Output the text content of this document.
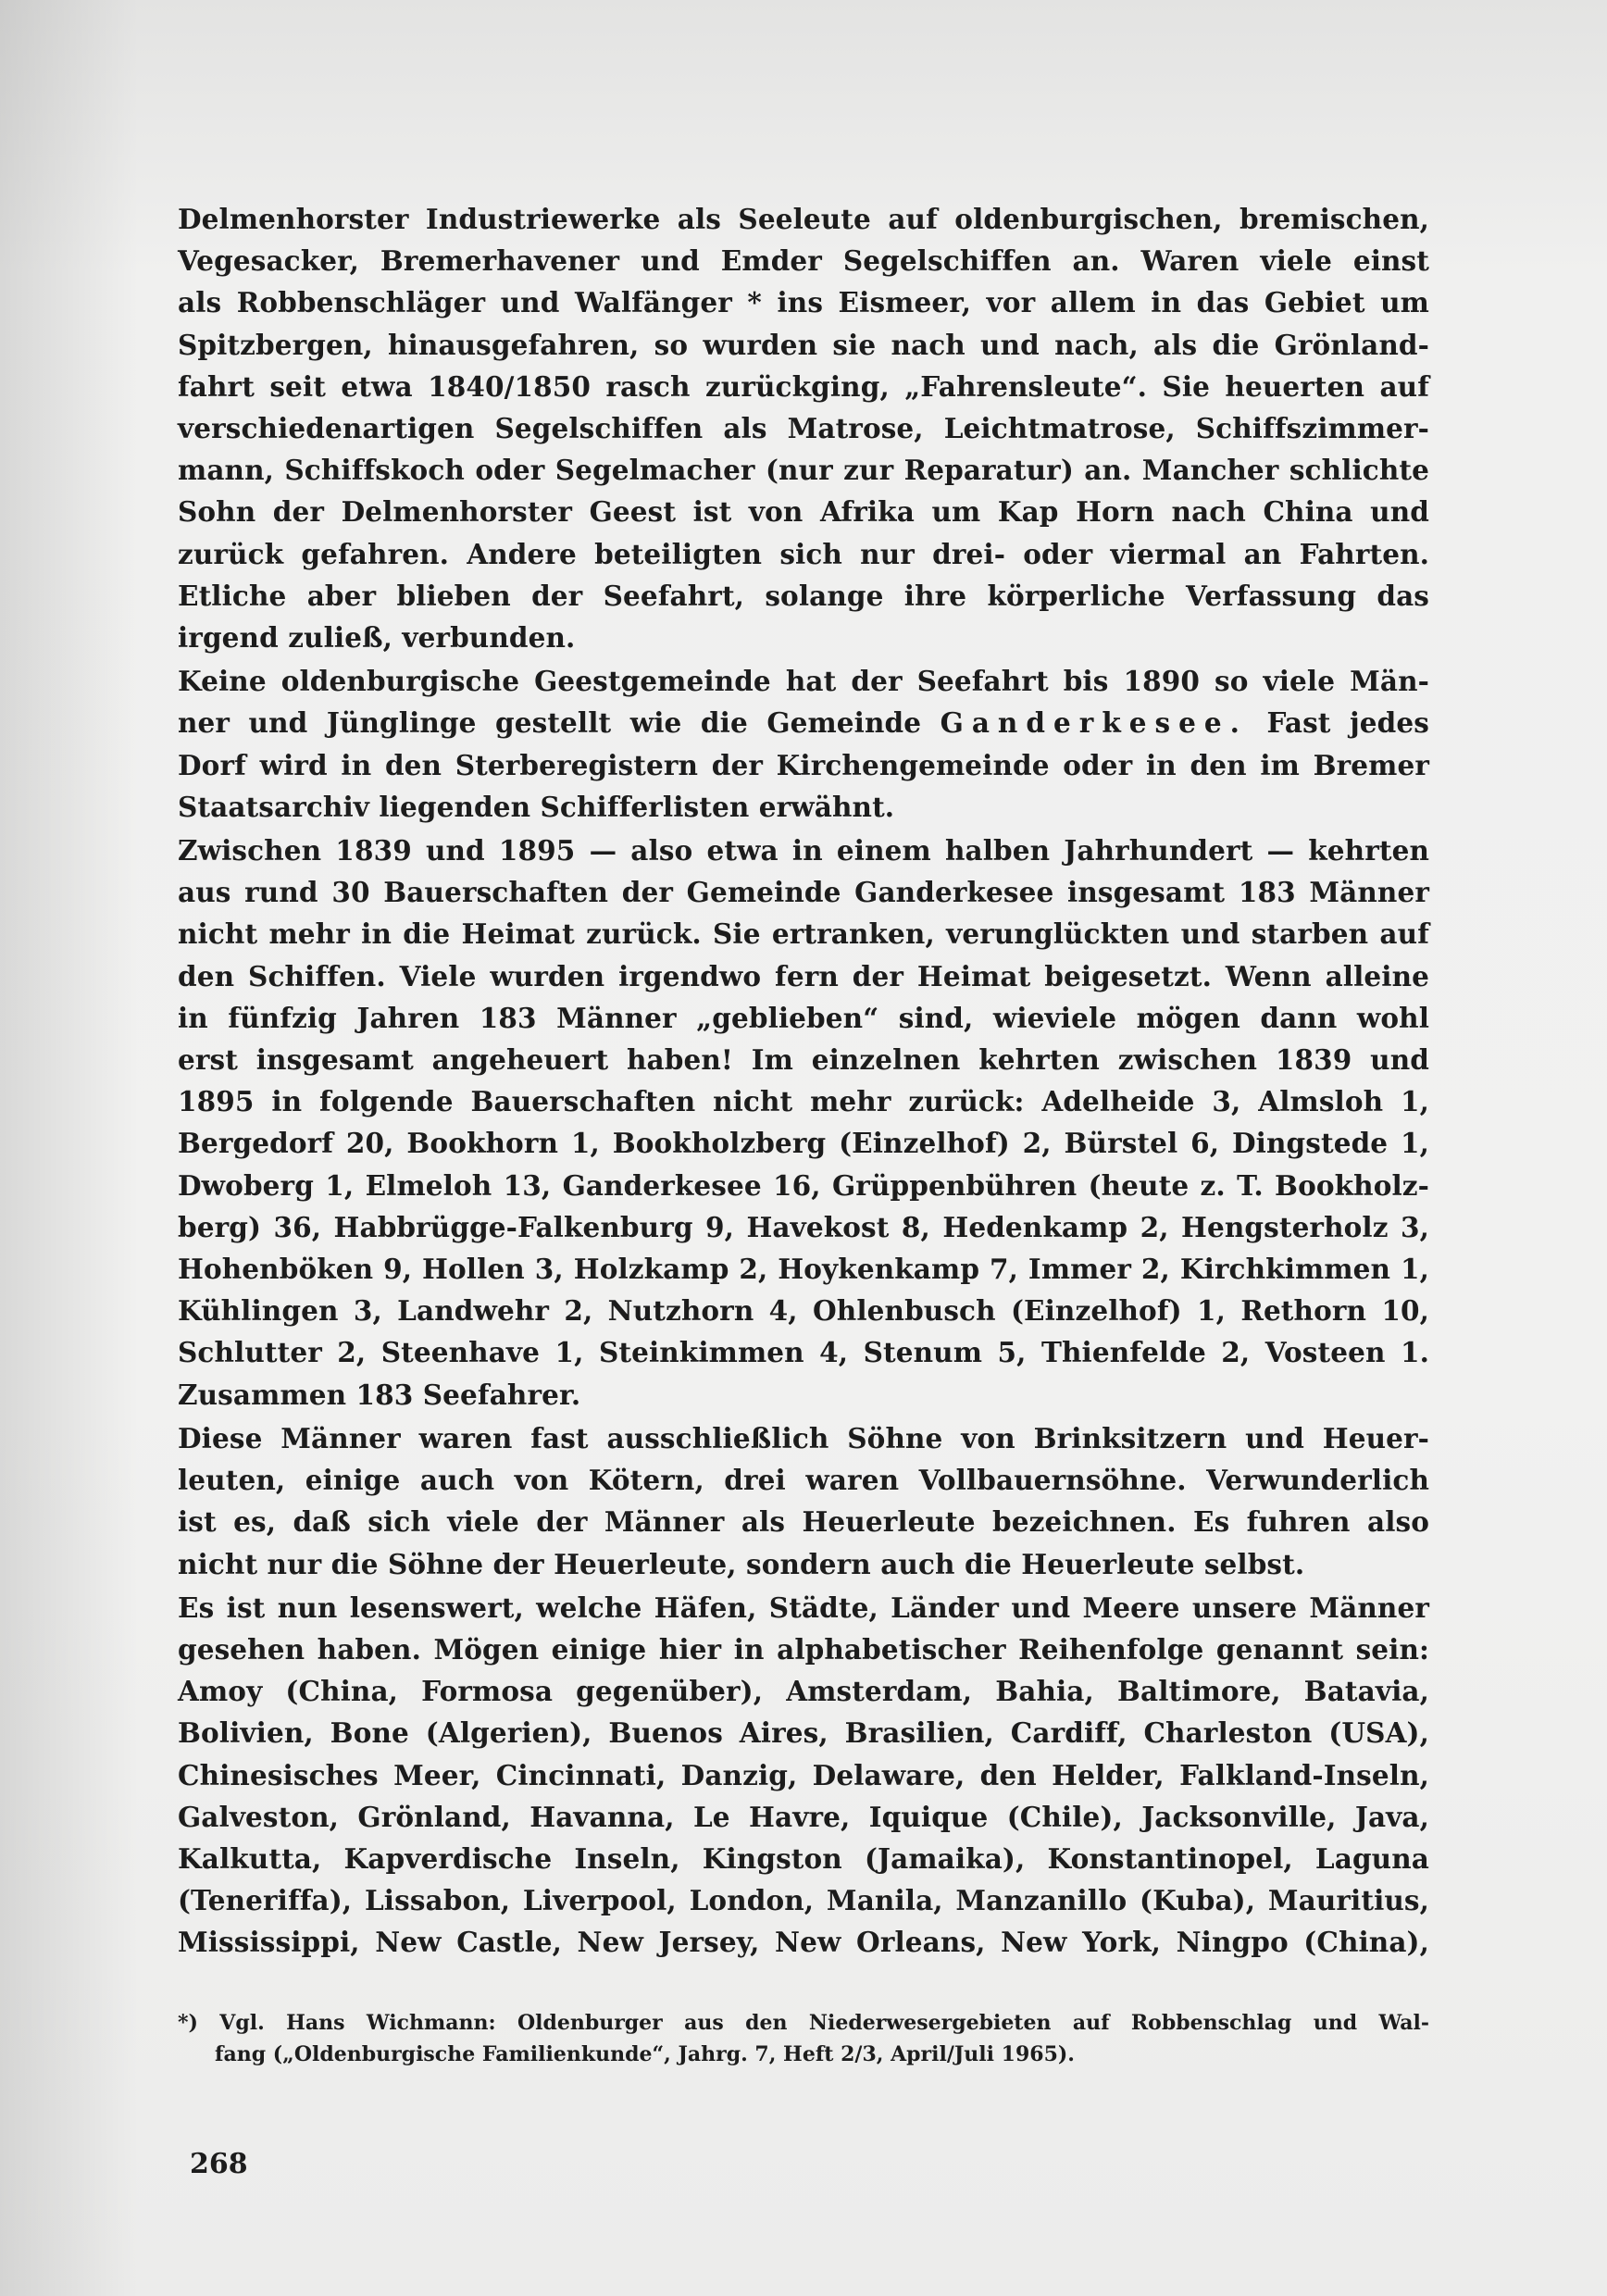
Delmenhorster Industriewerke als Seeleute auf oldenburgischen, bremischen,
Vegesacker, Bremerhavener und Emder Segelschiffen an. Waren viele einst
als Robbenschläger und Walfänger * ins Eismeer, vor allem in das Gebiet um
Spitzbergen, hinausgefahren, so wurden sie nach und nach, als die Grönland-
fahrt seit etwa 1840/1850 rasch zurückging, „Fahrensleute“. Sie heuerten auf
verschiedenartigen Segelschiffen als Matrose, Leichtmatrose, Schiffszimmer-
mann, Schiffskoch oder Segelmacher (nur zur Reparatur) an. Mancher schlichte
Sohn der Delmenhorster Geest ist von Afrika um Kap Horn nach China und
zurück gefahren. Andere beteiligten sich nur drei- oder viermal an Fahrten.
Etliche aber blieben der Seefahrt, solange ihre körperliche Verfassung das
irgend zuließ, verbunden.

Keine oldenburgische Geestgemeinde hat der Seefahrt bis 1890 so viele Män-
ner und Jünglinge gestellt wie die Gemeinde Ganderkesee. Fast jedes
Dorf wird in den Sterberegistern der Kirchengemeinde oder in den im Bremer
Staatsarchiv liegenden Schifferlisten erwähnt.

Zwischen 1839 und 1895 — also etwa in einem halben Jahrhundert — kehrten
aus rund 30 Bauerschaften der Gemeinde Ganderkesee insgesamt 183 Männer
nicht mehr in die Heimat zurück. Sie ertranken, verunglückten und starben auf
den Schiffen. Viele wurden irgendwo fern der Heimat beigesetzt. Wenn alleine
in fünfzig Jahren 183 Männer „geblieben“ sind, wieviele mögen dann wohl
erst insgesamt angeheuert haben! Im einzelnen kehrten zwischen 1839 und
1895 in folgende Bauerschaften nicht mehr zurück: Adelheide 3, Almsloh 1,
Bergedorf 20, Bookhorn 1, Bookholzberg (Einzelhof) 2, Bürstel 6, Dingstede 1,
Dwoberg 1, Elmeloh 13, Ganderkesee 16, Grüppenbühren (heute z. T. Bookholz-
berg) 36, Habbrügge-Falkenburg 9, Havekost 8, Hedenkamp 2, Hengsterholz 3,
Hohenböken 9, Hollen 3, Holzkamp 2, Hoykenkamp 7, Immer 2, Kirchkimmen 1,
Kühlingen 3, Landwehr 2, Nutzhorn 4, Ohlenbusch (Einzelhof) 1, Rethorn 10,
Schlutter 2, Steenhave 1, Steinkimmen 4, Stenum 5, Thienfelde 2, Vosteen 1.
Zusammen 183 Seefahrer.

Diese Männer waren fast ausschließlich Söhne von Brinksitzern und Heuer-
leuten, einige auch von Kötern, drei waren Vollbauernsöhne. Verwunderlich
ist es, daß sich viele der Männer als Heuerleute bezeichnen. Es fuhren also
nicht nur die Söhne der Heuerleute, sondern auch die Heuerleute selbst.

Es ist nun lesenswert, welche Häfen, Städte, Länder und Meere unsere Männer
gesehen haben. Mögen einige hier in alphabetischer Reihenfolge genannt sein:
Amoy (China, Formosa gegenüber), Amsterdam, Bahia, Baltimore, Batavia,
Bolivien, Bone (Algerien), Buenos Aires, Brasilien, Cardiff, Charleston (USA),
Chinesisches Meer, Cincinnati, Danzig, Delaware, den Helder, Falkland-Inseln,
Galveston, Grönland, Havanna, Le Havre, Iquique (Chile), Jacksonville, Java,
Kalkutta, Kapverdische Inseln, Kingston (Jamaika), Konstantinopel, Laguna
(Teneriffa), Lissabon, Liverpool, London, Manila, Manzanillo (Kuba), Mauritius,
Mississippi, New Castle, New Jersey, New Orleans, New York, Ningpo (China),

*) Vgl. Hans Wichmann: Oldenburger aus den Niederwesergebieten auf Robbenschlag und Wal-
fang („Oldenburgische Familienkunde“, Jahrg. 7, Heft 2/3, April/Juli 1965).
268
